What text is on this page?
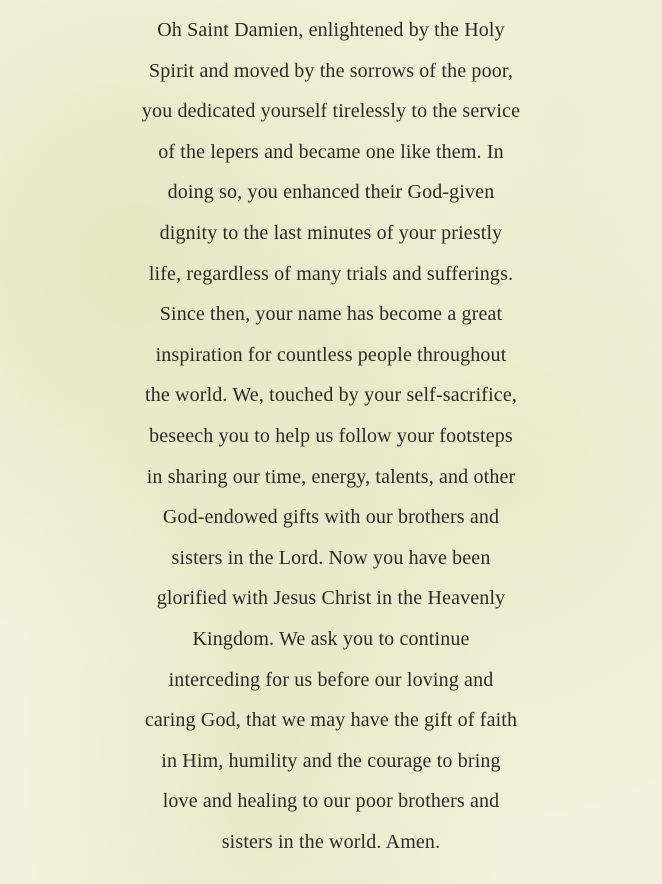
Oh Saint Damien, enlightened by the Holy
Spirit and moved by the sorrows of the poor,
you dedicated yourself tirelessly to the service
of the lepers and became one like them. In
doing so, you enhanced their God-given
dignity to the last minutes of your priestly
life, regardless of many trials and sufferings.
Since then, your name has become a great
inspiration for countless people throughout
the world. We, touched by your self-sacrifice,
beseech you to help us follow your footsteps
in sharing our time, energy, talents, and other
God-endowed gifts with our brothers and
sisters in the Lord. Now you have been
glorified with Jesus Christ in the Heavenly
Kingdom. We ask you to continue
interceding for us before our loving and
caring God, that we may have the gift of faith
in Him, humility and the courage to bring
love and healing to our poor brothers and
sisters in the world. Amen.
